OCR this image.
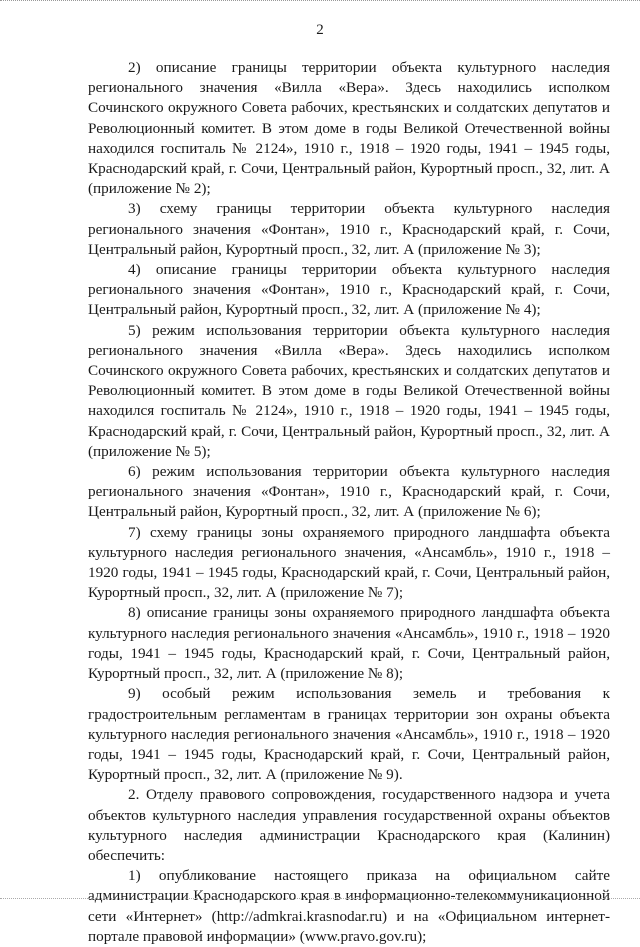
2

2) описание границы территории объекта культурного наследия регионального значения «Вилла «Вера». Здесь находились исполком Сочинского окружного Совета рабочих, крестьянских и солдатских депутатов и Революционный комитет. В этом доме в годы Великой Отечественной войны находился госпиталь № 2124», 1910 г., 1918 – 1920 годы, 1941 – 1945 годы, Краснодарский край, г. Сочи, Центральный район, Курортный просп., 32, лит. А (приложение № 2);

3) схему границы территории объекта культурного наследия регионального значения «Фонтан», 1910 г., Краснодарский край, г. Сочи, Центральный район, Курортный просп., 32, лит. А (приложение № 3);

4) описание границы территории объекта культурного наследия регионального значения «Фонтан», 1910 г., Краснодарский край, г. Сочи, Центральный район, Курортный просп., 32, лит. А (приложение № 4);

5) режим использования территории объекта культурного наследия регионального значения «Вилла «Вера». Здесь находились исполком Сочинского окружного Совета рабочих, крестьянских и солдатских депутатов и Революционный комитет. В этом доме в годы Великой Отечественной войны находился госпиталь № 2124», 1910 г., 1918 – 1920 годы, 1941 – 1945 годы, Краснодарский край, г. Сочи, Центральный район, Курортный просп., 32, лит. А (приложение № 5);

6) режим использования территории объекта культурного наследия регионального значения «Фонтан», 1910 г., Краснодарский край, г. Сочи, Центральный район, Курортный просп., 32, лит. А (приложение № 6);

7) схему границы зоны охраняемого природного ландшафта объекта культурного наследия регионального значения, «Ансамбль», 1910 г., 1918 – 1920 годы, 1941 – 1945 годы, Краснодарский край, г. Сочи, Центральный район, Курортный просп., 32, лит. А (приложение № 7);

8) описание границы зоны охраняемого природного ландшафта объекта культурного наследия регионального значения «Ансамбль», 1910 г., 1918 – 1920 годы, 1941 – 1945 годы, Краснодарский край, г. Сочи, Центральный район, Курортный просп., 32, лит. А (приложение № 8);

9) особый режим использования земель и требования к градостроительным регламентам в границах территории зон охраны объекта культурного наследия регионального значения «Ансамбль», 1910 г., 1918 – 1920 годы, 1941 – 1945 годы, Краснодарский край, г. Сочи, Центральный район, Курортный просп., 32, лит. А (приложение № 9).

2. Отделу правового сопровождения, государственного надзора и учета объектов культурного наследия управления государственной охраны объектов культурного наследия администрации Краснодарского края (Калинин) обеспечить:

1) опубликование настоящего приказа на официальном сайте администрации Краснодарского края в информационно-телекоммуникационной сети «Интернет» (http://admkrai.krasnodar.ru) и на «Официальном интернет-портале правовой информации» (www.pravo.gov.ru);
